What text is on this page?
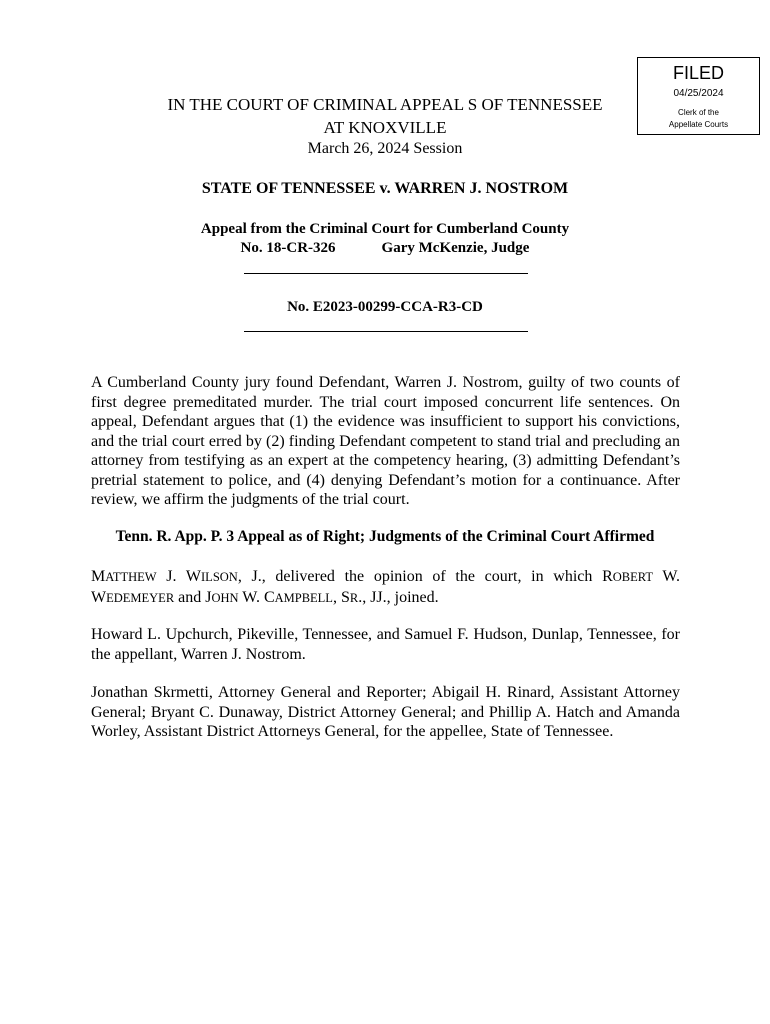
FILED
04/25/2024
Clerk of the
Appellate Courts
IN THE COURT OF CRIMINAL APPEAL S OF TENNESSEE
AT KNOXVILLE
March 26, 2024 Session
STATE OF TENNESSEE v. WARREN J. NOSTROM
Appeal from the Criminal Court for Cumberland County
No. 18-CR-326	Gary McKenzie, Judge
No. E2023-00299-CCA-R3-CD
A Cumberland County jury found Defendant, Warren J. Nostrom, guilty of two counts of first degree premeditated murder. The trial court imposed concurrent life sentences. On appeal, Defendant argues that (1) the evidence was insufficient to support his convictions, and the trial court erred by (2) finding Defendant competent to stand trial and precluding an attorney from testifying as an expert at the competency hearing, (3) admitting Defendant’s pretrial statement to police, and (4) denying Defendant’s motion for a continuance. After review, we affirm the judgments of the trial court.
Tenn. R. App. P. 3 Appeal as of Right; Judgments of the Criminal Court Affirmed
MATTHEW J. WILSON, J., delivered the opinion of the court, in which ROBERT W. WEDEMEYER and JOHN W. CAMPBELL, SR., JJ., joined.
Howard L. Upchurch, Pikeville, Tennessee, and Samuel F. Hudson, Dunlap, Tennessee, for the appellant, Warren J. Nostrom.
Jonathan Skrmetti, Attorney General and Reporter; Abigail H. Rinard, Assistant Attorney General; Bryant C. Dunaway, District Attorney General; and Phillip A. Hatch and Amanda Worley, Assistant District Attorneys General, for the appellee, State of Tennessee.
